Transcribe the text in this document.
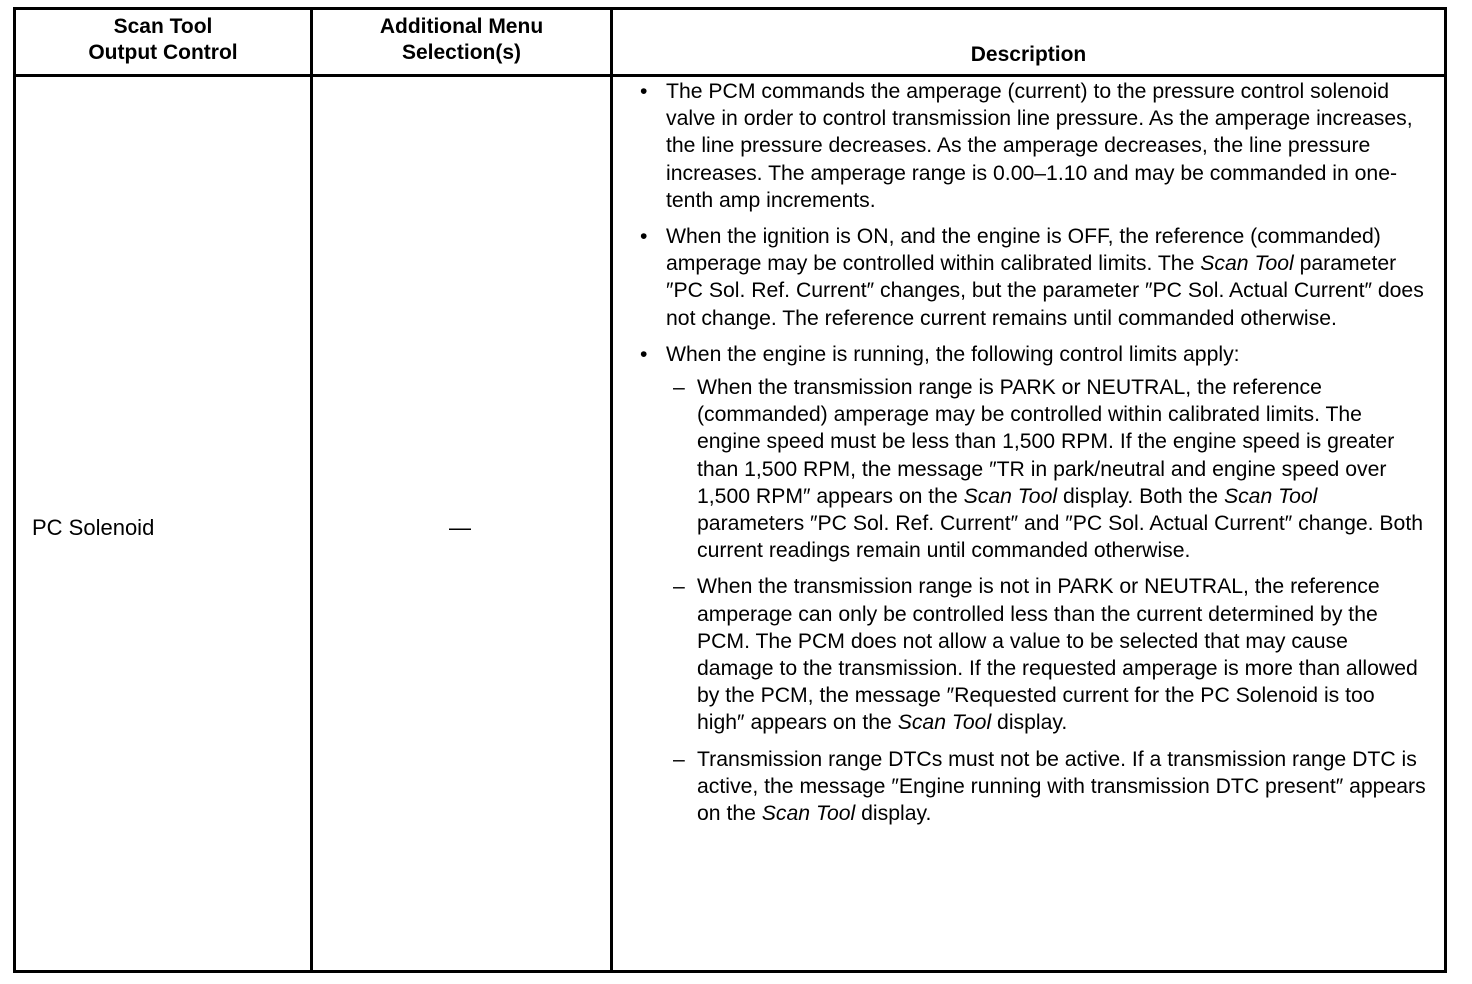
Scan Tool
Output Control
Additional Menu
Selection(s)	Description
PC Solenoid	—
• The PCM commands the amperage (current) to the pressure control solenoid valve in order to control transmission line pressure. As the amperage increases, the line pressure decreases. As the amperage decreases, the line pressure increases. The amperage range is 0.00–1.10 and may be commanded in one-tenth amp increments.
• When the ignition is ON, and the engine is OFF, the reference (commanded) amperage may be controlled within calibrated limits. The Scan Tool parameter ″PC Sol. Ref. Current″ changes, but the parameter ″PC Sol. Actual Current″ does not change. The reference current remains until commanded otherwise.
• When the engine is running, the following control limits apply:
– When the transmission range is PARK or NEUTRAL, the reference (commanded) amperage may be controlled within calibrated limits. The engine speed must be less than 1,500 RPM. If the engine speed is greater than 1,500 RPM, the message ″TR in park/neutral and engine speed over 1,500 RPM″ appears on the Scan Tool display. Both the Scan Tool parameters ″PC Sol. Ref. Current″ and ″PC Sol. Actual Current″ change. Both current readings remain until commanded otherwise.
– When the transmission range is not in PARK or NEUTRAL, the reference amperage can only be controlled less than the current determined by the PCM. The PCM does not allow a value to be selected that may cause damage to the transmission. If the requested amperage is more than allowed by the PCM, the message ″Requested current for the PC Solenoid is too high″ appears on the Scan Tool display.
– Transmission range DTCs must not be active. If a transmission range DTC is active, the message ″Engine running with transmission DTC present″ appears on the Scan Tool display.
